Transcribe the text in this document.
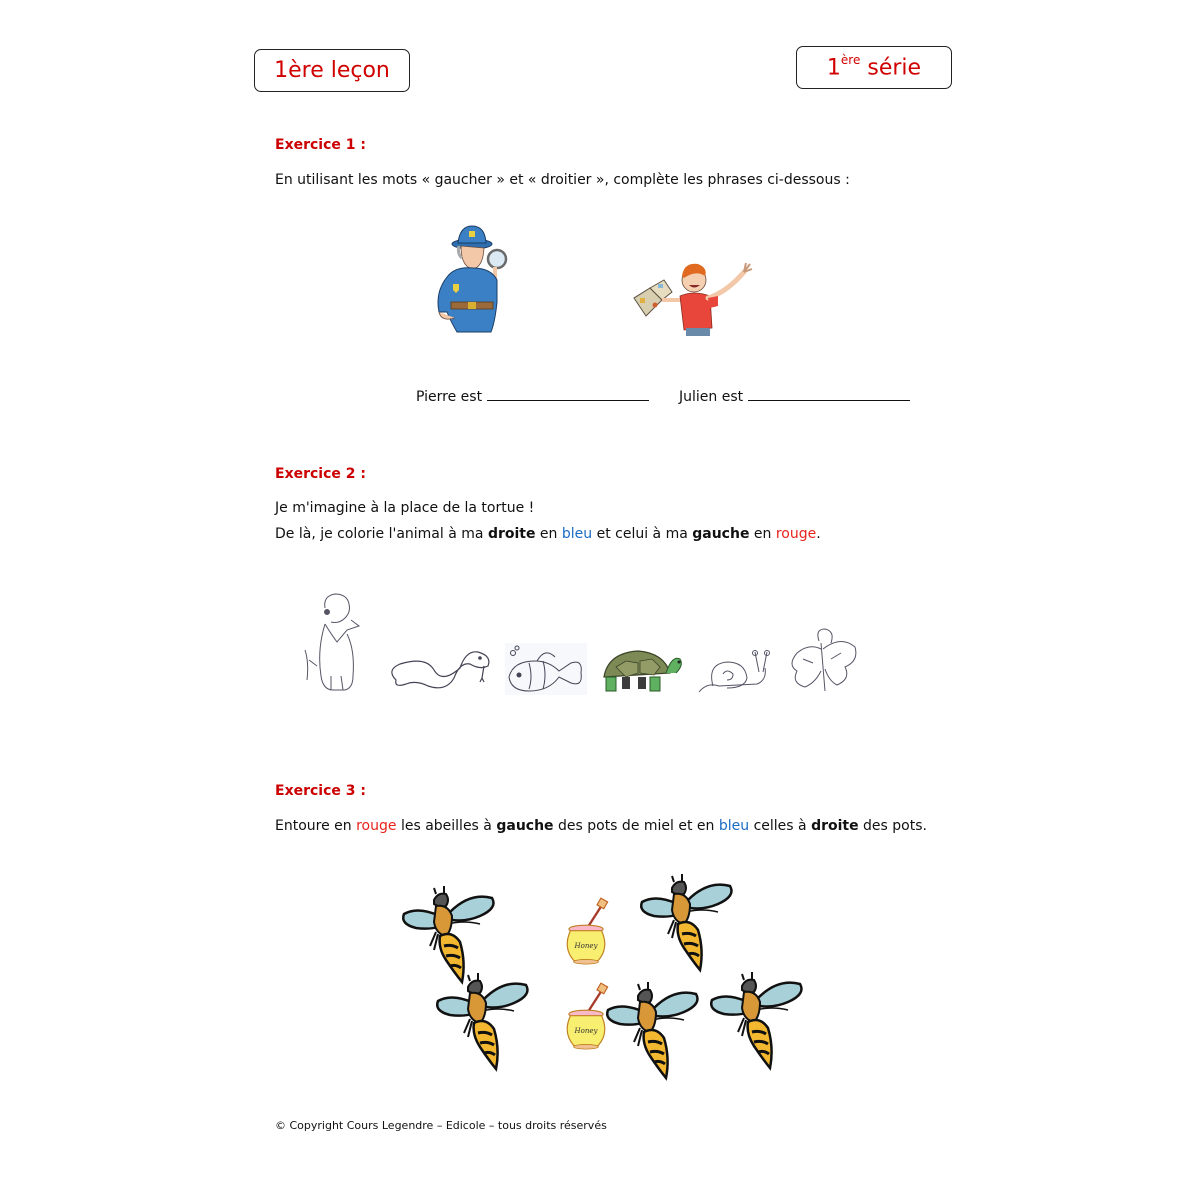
1ère leçon	1ère série
Exercice 1 :
En utilisant les mots « gaucher » et « droitier », complète les phrases ci-dessous :
Pierre est	Julien est
Exercice 2 :
Je m'imagine à la place de la tortue !
De là, je colorie l'animal à ma droite en bleu et celui à ma gauche en rouge.
Exercice 3 :
Entoure en rouge les abeilles à gauche des pots de miel et en bleu celles à droite des pots.
Honey
Honey
© Copyright Cours Legendre – Edicole – tous droits réservés
